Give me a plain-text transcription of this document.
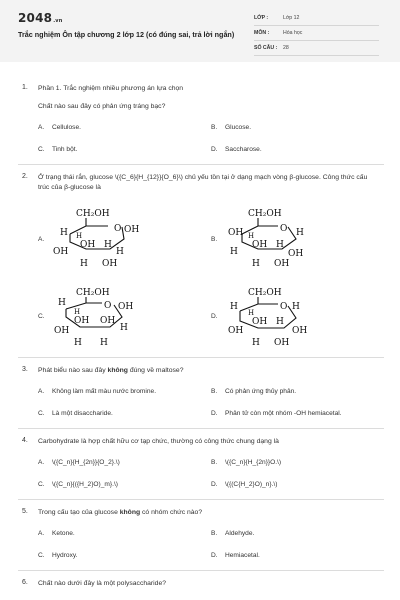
2048.vn
Trắc nghiệm Ôn tập chương 2 lớp 12 (có đúng sai, trả lời ngắn)
LỚP :	Lớp 12
MÔN :	Hóa học
SỐ CÂU : 28
1. Phần 1. Trắc nghiệm nhiều phương án lựa chọn
Chất nào sau đây có phản ứng tráng bạc?
A. Cellulose.	B. Glucose.
C. Tinh bột.	D. Saccharose.
2. Ở trạng thái rắn, glucose \({C_6}{H_{12}}{O_6}\) chủ yếu tồn tại ở dạng mạch vòng β-glucose. Công thức cấu trúc của β-glucose là
A.
CH₂OH
O OH
H H
OH H
OH	H
H OH
B.
CH₂OH
O H
OH H
OH H
H	OH
H OH
C.
CH₂OH
O OH
H
H
OH OH
H
OH
H H
D.
CH₂OH
O H
H
H
OH H
OH	OH
H OH
3. Phát biểu nào sau đây không đúng về maltose?
A. Không làm mất màu nước bromine.	B. Có phản ứng thủy phân.
C. Là một disaccharide.	D. Phân tử còn một nhóm -OH hemiacetal.
4. Carbohydrate là hợp chất hữu cơ tạp chức, thường có công thức chung dạng là
A. \({C_n}{H_{2n}}{O_2}.\)	B. \({C_n}{H_{2n}}O.\)
C. \({C_n}{({H_2}O)_m}.\)	D. \({(C{H_2}O)_n}.\)
5. Trong cấu tạo của glucose không có nhóm chức nào?
A. Ketone.	B. Aldehyde.
C. Hydroxy.	D. Hemiacetal.
6. Chất nào dưới đây là một polysaccharide?
